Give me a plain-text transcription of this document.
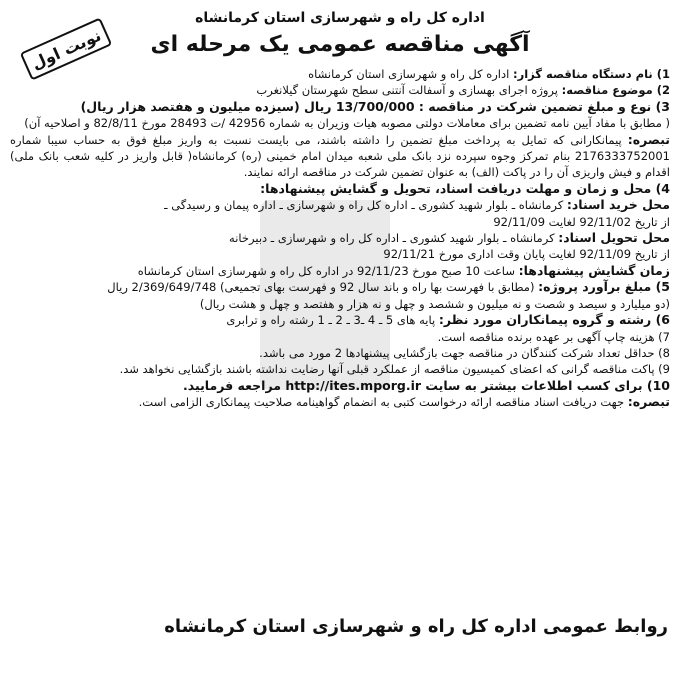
اداره کل راه و شهرسازی استان کرمانشاه
نوبت اول	آگهی مناقصه عمومی یک مرحله ای

1) نام دستگاه مناقصه گزار: اداره کل راه و شهرسازی استان کرمانشاه

2) موضوع مناقصه: پروژه اجرای بهسازی و آسفالت آنتنی سطح شهرستان گیلانغرب

3) نوع و مبلغ تضمین شرکت در مناقصه : 13/700/000 ریال (سیزده میلیون و هفتصد هزار ریال)

( مطابق با مفاد آیین نامه تضمین برای معاملات دولتی مصوبه هیات وزیران به شماره 42956 /ت 28493 مورخ 82/8/11 و اصلاحیه آن)

تبصره: پیمانکارانی که تمایل به پرداخت مبلغ تضمین را داشته باشند، می بایست نسبت به واریز مبلغ فوق به حساب سیبا شماره 2176333752001 بنام تمرکز وجوه سپرده نزد بانک ملی شعبه میدان امام خمینی (ره) کرمانشاه( قابل واریز در کلیه شعب بانک ملی) اقدام و فیش واریزی آن را در پاکت (الف) به عنوان تضمین شرکت در مناقصه ارائه نمایند.

4) محل و زمان و مهلت دریافت اسناد، تحویل و گشایش پیشنهادها:

محل خرید اسناد: کرمانشاه ـ بلوار شهید کشوری ـ اداره کل راه و شهرسازی ـ اداره پیمان و رسیدگی ـ

از تاریخ 92/11/02 لغایت 92/11/09

محل تحویل اسناد: کرمانشاه ـ بلوار شهید کشوری ـ اداره کل راه و شهرسازی ـ دبیرخانه

از تاریخ 92/11/09 لغایت پایان وقت اداری مورخ 92/11/21

زمان گشایش پیشنهادها: ساعت 10 صبح مورخ 92/11/23 در اداره کل راه و شهرسازی استان کرمانشاه

5) مبلغ برآورد پروژه: (مطابق با فهرست بها راه و باند سال 92 و فهرست بهای تجمیعی) 2/369/649/748 ریال

(دو میلیارد و سیصد و شصت و نه میلیون و ششصد و چهل و نه هزار و هفتصد و چهل و هشت ریال)

6) رشته و گروه پیمانکاران مورد نظر: پایه های 5 ـ 4 ـ3 ـ 2 ـ 1 رشته راه و ترابری

7) هزینه چاپ آگهی بر عهده برنده مناقصه است.

8) حداقل تعداد شرکت کنندگان در مناقصه جهت بازگشایی پیشنهادها 2 مورد می باشد.

9) پاکت مناقصه گرانی که اعضای کمیسیون مناقصه از عملکرد قبلی آنها رضایت نداشته باشند بازگشایی نخواهد شد.

10) برای کسب اطلاعات بیشتر به سایت http://ites.mporg.ir مراجعه فرمایید.

تبصره: جهت دریافت اسناد مناقصه ارائه درخواست کتبی به انضمام گواهینامه صلاحیت پیمانکاری الزامی است.

روابط عمومی اداره کل راه و شهرسازی استان کرمانشاه
